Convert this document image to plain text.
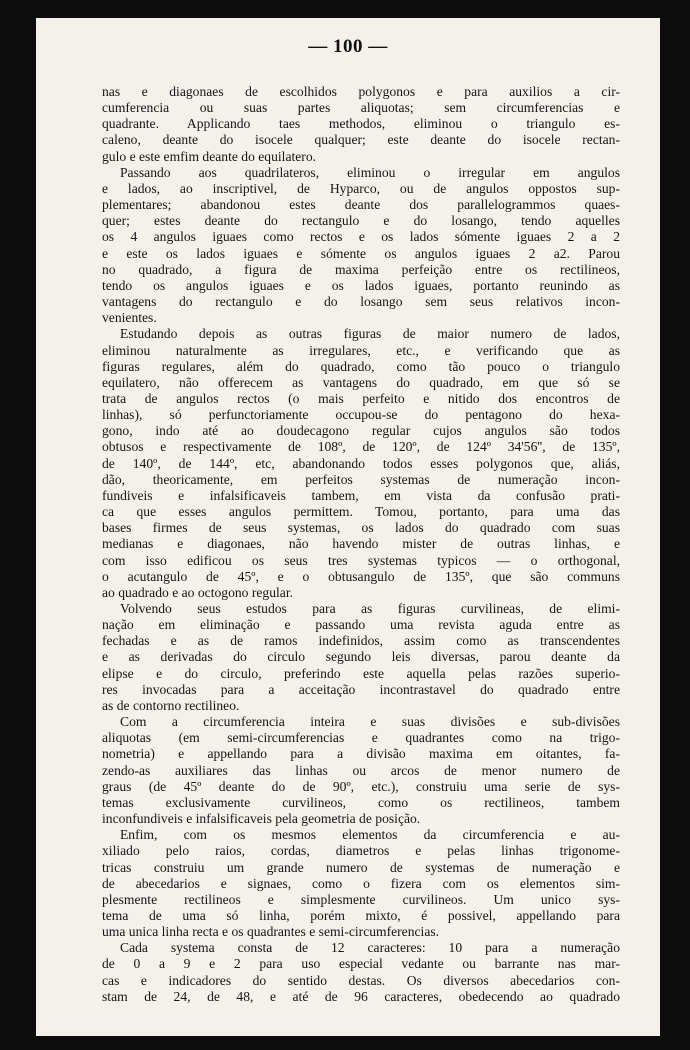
— 100 —

nas e diagonaes de escolhidos polygonos e para auxilios a cir-

cumferencia ou suas partes aliquotas; sem circumferencias e

quadrante. Applicando taes methodos, eliminou o triangulo es-

caleno, deante do isocele qualquer; este deante do isocele rectan-

gulo e este emfim deante do equilatero.

Passando aos quadrilateros, eliminou o irregular em angulos

e lados, ao inscriptivel, de Hyparco, ou de angulos oppostos sup-

plementares; abandonou estes deante dos parallelogrammos quaes-

quer; estes deante do rectangulo e do losango, tendo aquelles

os 4 angulos iguaes como rectos e os lados sómente iguaes 2 a 2

e este os lados iguaes e sómente os angulos iguaes 2 a2. Parou

no quadrado, a figura de maxima perfeição entre os rectilineos,

tendo os angulos iguaes e os lados iguaes, portanto reunindo as

vantagens do rectangulo e do losango sem seus relativos incon-

venientes.

Estudando depois as outras figuras de maior numero de lados,

eliminou naturalmente as irregulares, etc., e verificando que as

figuras regulares, além do quadrado, como tão pouco o triangulo

equilatero, não offerecem as vantagens do quadrado, em que só se

trata de angulos rectos (o mais perfeito e nitido dos encontros de

linhas), só perfunctoriamente occupou-se do pentagono do hexa-

gono, indo até ao doudecagono regular cujos angulos são todos

obtusos e respectivamente de 108º, de 120º, de 124º 34'56'', de 135º,

de 140º, de 144º, etc, abandonando todos esses polygonos que, aliás,

dão, theoricamente, em perfeitos systemas de numeração incon-

fundiveis e infalsificaveis tambem, em vista da confusão prati-

ca que esses angulos permittem. Tomou, portanto, para uma das

bases firmes de seus systemas, os lados do quadrado com suas

medianas e diagonaes, não havendo mister de outras linhas, e

com isso edificou os seus tres systemas typicos — o orthogonal,

o acutangulo de 45º, e o obtusangulo de 135º, que são communs

ao quadrado e ao octogono regular.

Volvendo seus estudos para as figuras curvilineas, de elimi-

nação em eliminação e passando uma revista aguda entre as

fechadas e as de ramos indefinidos, assim como as transcendentes

e as derivadas do circulo segundo leis diversas, parou deante da

elipse e do circulo, preferindo este aquella pelas razões superio-

res invocadas para a acceitação incontrastavel do quadrado entre

as de contorno rectilineo.

Com a circumferencia inteira e suas divisões e sub-divisões

aliquotas (em semi-circumferencias e quadrantes como na trigo-

nometria) e appellando para a divisão maxima em oitantes, fa-

zendo-as auxiliares das linhas ou arcos de menor numero de

graus (de 45º deante do de 90º, etc.), construiu uma serie de sys-

temas exclusivamente curvilineos, como os rectilineos, tambem

inconfundiveis e infalsificaveis pela geometria de posição.

Enfim, com os mesmos elementos da circumferencia e au-

xiliado pelo raios, cordas, diametros e pelas linhas trigonome-

tricas construiu um grande numero de systemas de numeração e

de abecedarios e signaes, como o fizera com os elementos sim-

plesmente rectilineos e simplesmente curvilineos. Um unico sys-

tema de uma só linha, porém mixto, é possivel, appellando para

uma unica linha recta e os quadrantes e semi-circumferencias.

Cada systema consta de 12 caracteres: 10 para a numeração

de 0 a 9 e 2 para uso especial vedante ou barrante nas mar-

cas e indicadores do sentido destas. Os diversos abecedarios con-

stam de 24, de 48, e até de 96 caracteres, obedecendo ao quadrado
